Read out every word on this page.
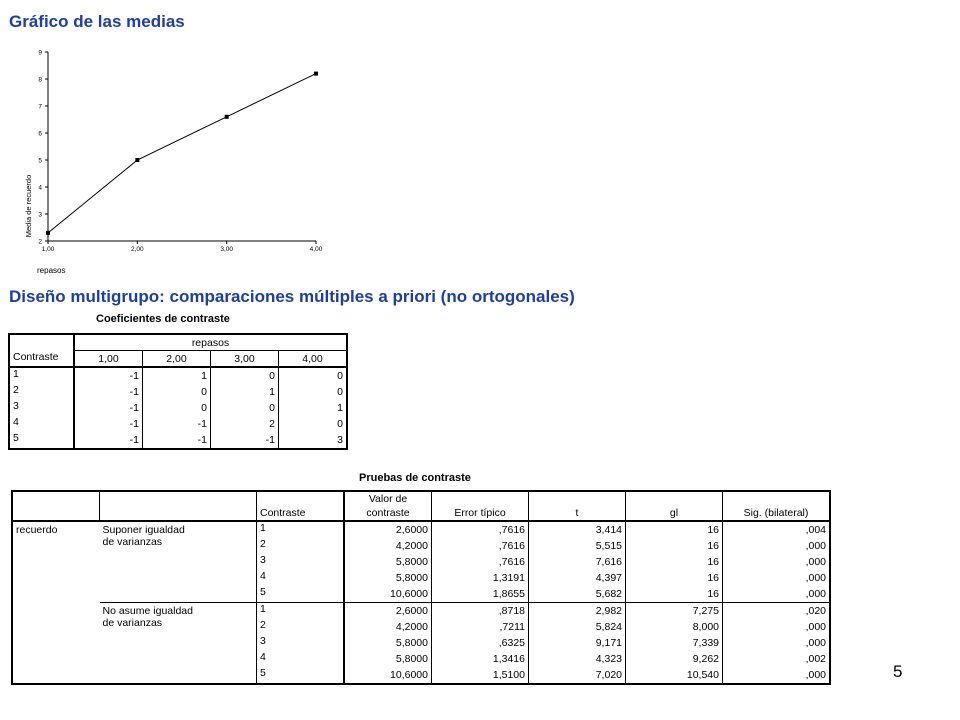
Gráfico de las medias
2
3
4
5
6
7
8
9
1,00	2,00	3,00	4,00
Media de recuerdo
repasos
Diseño multigrupo: comparaciones múltiples a priori (no ortogonales)
Coeficientes de contraste
	repasos			
Contraste	1,00	2,00	3,00	4,00
1	-1	1	0	0
2	-1	0	1	0
3	-1	0	0	1
4	-1	-1	2	0
5	-1	-1	-1	3
Pruebas de contraste
			Valor de				
		Contraste	contraste	Error típico	t	gl	Sig. (bilateral)
recuerdo	Suponer igualdad
de varianzas	1	2,6000	,7616	3,414	16	,004
		2	4,2000	,7616	5,515	16	,000
		3	5,8000	,7616	7,616	16	,000
		4	5,8000	1,3191	4,397	16	,000
		5	10,6000	1,8655	5,682	16	,000

	No asume igualdad
de varianzas	1	2,6000	,8718	2,982	7,275	,020
		2	4,2000	,7211	5,824	8,000	,000
		3	5,8000	,6325	9,171	7,339	,000
		4	5,8000	1,3416	4,323	9,262	,002
		5	10,6000	1,5100	7,020	10,540	,000	5
